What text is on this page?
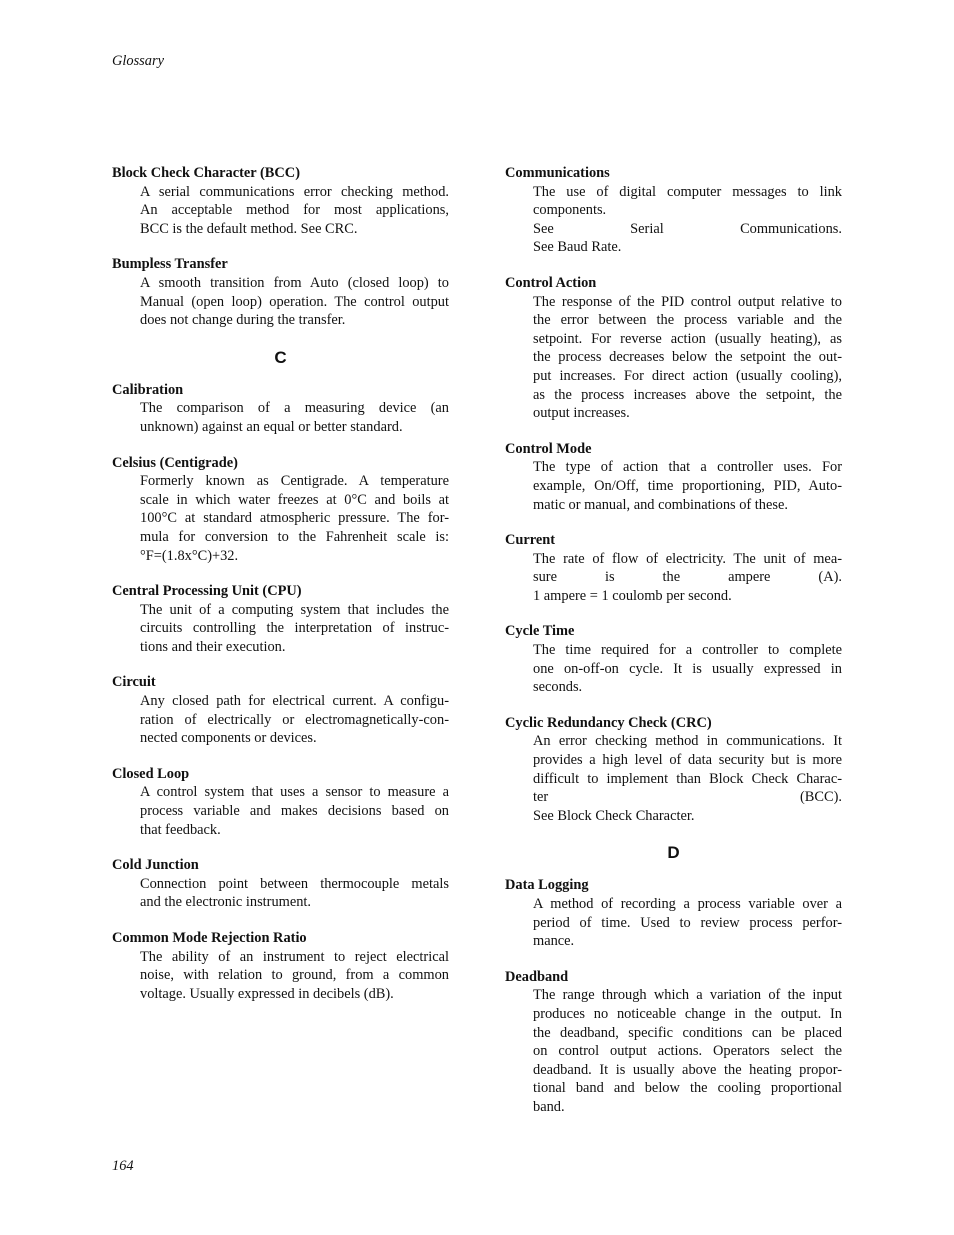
Glossary
Block Check Character (BCC)
A serial communications error checking method.
An acceptable method for most applications,
BCC is the default method. See CRC.
Bumpless Transfer
A smooth transition from Auto (closed loop) to
Manual (open loop) operation. The control output
does not change during the transfer.
C
Calibration
The comparison of a measuring device (an
unknown) against an equal or better standard.
Celsius (Centigrade)
Formerly known as Centigrade. A temperature
scale in which water freezes at 0°C and boils at
100°C at standard atmospheric pressure. The for-
mula for conversion to the Fahrenheit scale is:
°F=(1.8x°C)+32.
Central Processing Unit (CPU)
The unit of a computing system that includes the
circuits controlling the interpretation of instruc-
tions and their execution.
Circuit
Any closed path for electrical current. A configu-
ration of electrically or electromagnetically-con-
nected components or devices.
Closed Loop
A control system that uses a sensor to measure a
process variable and makes decisions based on
that feedback.
Cold Junction
Connection point between thermocouple metals
and the electronic instrument.
Common Mode Rejection Ratio
The ability of an instrument to reject electrical
noise, with relation to ground, from a common
voltage. Usually expressed in decibels (dB).
Communications
The use of digital computer messages to link
components.
See Serial Communications.
See Baud Rate.
Control Action
The response of the PID control output relative to
the error between the process variable and the
setpoint. For reverse action (usually heating), as
the process decreases below the setpoint the out-
put increases. For direct action (usually cooling),
as the process increases above the setpoint, the
output increases.
Control Mode
The type of action that a controller uses. For
example, On/Off, time proportioning, PID, Auto-
matic or manual, and combinations of these.
Current
The rate of flow of electricity. The unit of mea-
sure is the ampere (A).
1 ampere = 1 coulomb per second.
Cycle Time
The time required for a controller to complete
one on-off-on cycle. It is usually expressed in
seconds.
Cyclic Redundancy Check (CRC)
An error checking method in communications. It
provides a high level of data security but is more
difficult to implement than Block Check Charac-
ter (BCC).
See Block Check Character.
D
Data Logging
A method of recording a process variable over a
period of time. Used to review process perfor-
mance.
Deadband
The range through which a variation of the input
produces no noticeable change in the output. In
the deadband, specific conditions can be placed
on control output actions. Operators select the
deadband. It is usually above the heating propor-
tional band and below the cooling proportional
band.
164
